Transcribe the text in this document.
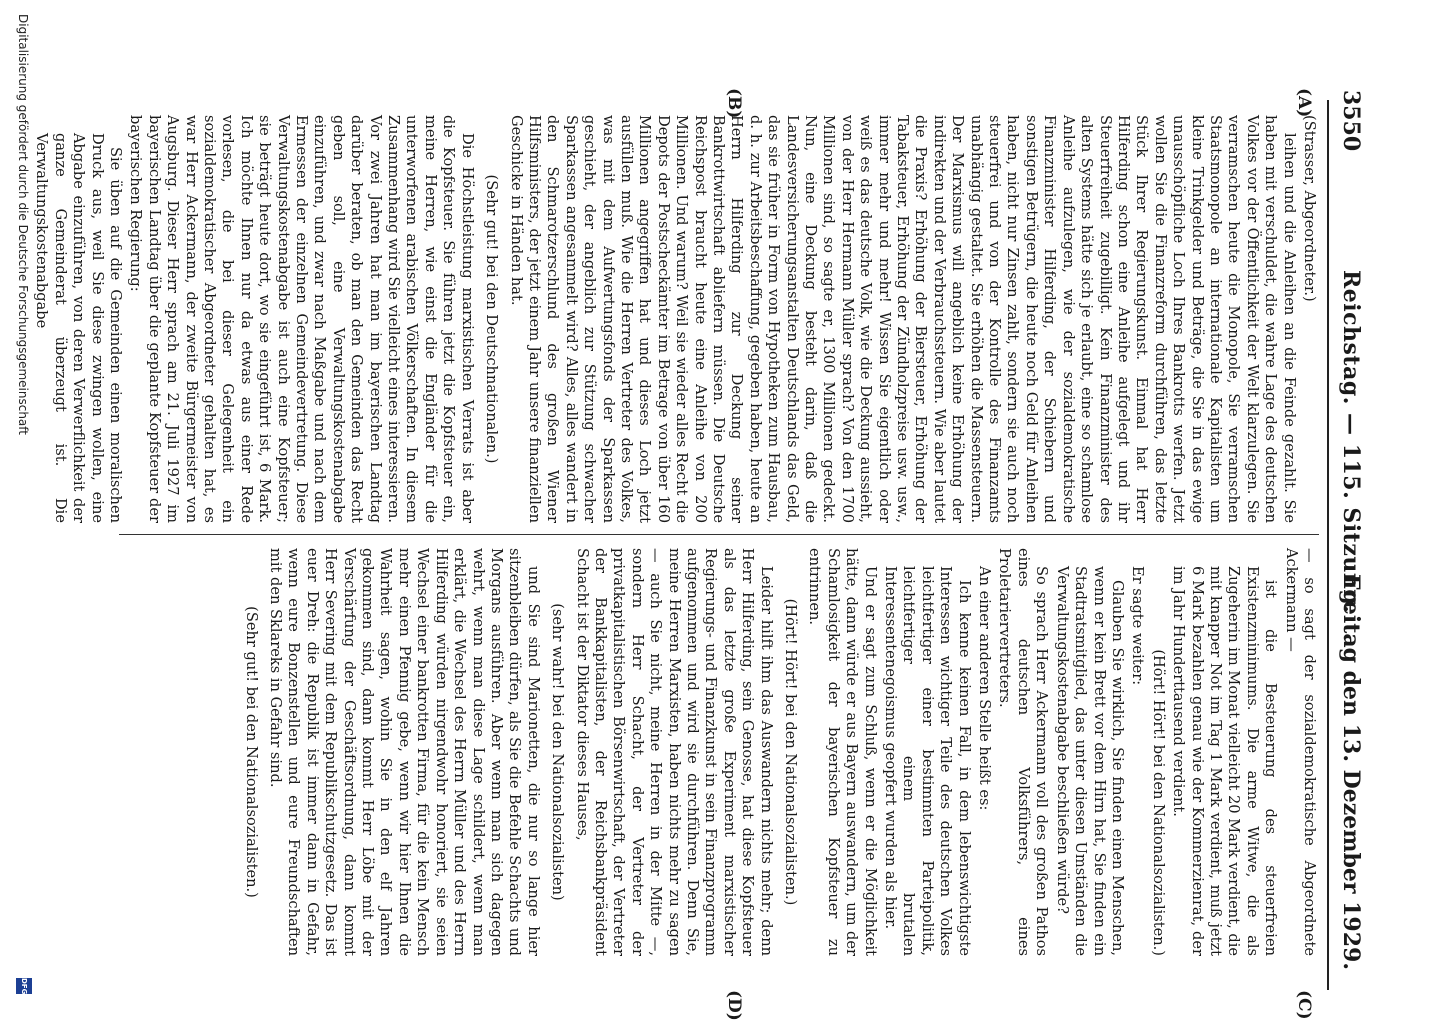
3550
Reichstag. — 115. Sitzung.
Freitag den 13. Dezember 1929.
(A)
(B)
(C)
(D)

(Strasser, Abgeordneter.)

leihen und die Anleihen an die Feinde gezahlt. Sie haben mit verschuldet, die wahre Lage des deutschen Volkes vor der Öffentlichkeit der Welt klarzulegen. Sie verramschen heute die Monopole, Sie verramschen Staatsmonopole an internationale Kapitalisten um kleine Trinkgelder und Beträge, die Sie in das ewige unausschöpfliche Loch Ihres Bankrotts werfen. Jetzt wollen Sie die Finanzreform durchführen, das letzte Stück Ihrer Regierungskunst. Einmal hat Herr Hilferding schon eine Anleihe aufgelegt und ihr Steuerfreiheit zugebilligt. Kein Finanzminister des alten Systems hätte sich je erlaubt, eine so schamlose Anleihe aufzulegen, wie der sozialdemokratische Finanzminister Hilferding, der Schiebern und sonstigen Betrügern, die heute noch Geld für Anleihen haben, nicht nur Zinsen zahlt, sondern sie auch noch steuerfrei und von der Kontrolle des Finanzamts unabhängig gestaltet. Sie erhöhen die Massensteuern. Der Marxismus will angeblich keine Erhöhung der indirekten und der Verbrauchssteuern. Wie aber lautet die Praxis? Erhöhung der Biersteuer, Erhöhung der Tabaksteuer, Erhöhung der Zündholzpreise usw. usw., immer mehr und mehr! Wissen Sie eigentlich oder weiß es das deutsche Volk, wie die Deckung aussieht, von der Herr Hermann Müller sprach? Von den 1700 Millionen sind, so sagte er, 1300 Millionen gedeckt. Nun, eine Deckung besteht darin, daß die Landesversicherungsanstalten Deutschlands das Geld, das sie früher in Form von Hypotheken zum Hausbau, d. h. zur Arbeitsbeschaffung, gegeben haben, heute an Herrn Hilferding zur Deckung seiner Bankrottwirtschaft abliefern müssen. Die Deutsche Reichspost braucht heute eine Anleihe von 200 Millionen. Und warum? Weil sie wieder alles Recht die Depots der Postscheckämter im Betrage von über 160 Millionen angegriffen hat und dieses Loch jetzt ausfüllen muß. Wie die Herren Vertreter des Volkes, was mit dem Aufwertungsfonds der Sparkassen geschieht, der angeblich zur Stützung schwacher Sparkassen angesammelt wird? Alles, alles wandert in den Schmarotzerschlund des großen Wiener Hilfsministers, der jetzt einem Jahr unsere finanziellen Geschicke in Händen hat.

(Sehr gut! bei den Deutschnationalen.)

Die Höchstleistung marxistischen Verrats ist aber die Kopfsteuer. Sie führen jetzt die Kopfsteuer ein, meine Herren, wie einst die Engländer für die unterworfenen arabischen Völkerschaften. In diesem Zusammenhang wird Sie vielleicht eines interessieren. Vor zwei Jahren hat man im bayerischen Landtag darüber beraten, ob man den Gemeinden das Recht geben soll, eine Verwaltungskostenabgabe einzuführen, und zwar nach Maßgabe und nach dem Ermessen der einzelnen Gemeindevertretung. Diese Verwaltungskostenabgabe ist auch eine Kopfsteuer; sie beträgt heute dort, wo sie eingeführt ist, 6 Mark. Ich möchte Ihnen nur da etwas aus einer Rede vorlesen, die bei dieser Gelegenheit ein sozialdemokratischer Abgeordneter gehalten hat, es war Herr Ackermann, der zweite Bürgermeister von Augsburg. Dieser Herr sprach am 21. Juli 1927 im bayerischen Landtag über die geplante Kopfsteuer der bayerischen Regierung:

Sie üben auf die Gemeinden einen moralischen Druck aus, weil Sie diese zwingen wollen, eine Abgabe einzuführen, von deren Verwerflichkeit der ganze Gemeinderat überzeugt ist. Die Verwaltungskostenabgabe

— so sagt der sozialdemokratische Abgeordnete Ackermann —

ist die Besteuerung des steuerfreien Existenzminimums. Die arme Witwe, die als Zugeherin im Monat vielleicht 20 Mark verdient, die mit knapper Not im Tag 1 Mark verdient, muß jetzt 6 Mark bezahlen genau wie der Kommerzienrat, der im Jahr Hunderttausend verdient.

(Hört! Hört! bei den Nationalsozialisten.)

Er sagte weiter:

Glauben Sie wirklich, Sie finden einen Menschen, wenn er kein Brett vor dem Hirn hat, Sie finden ein Stadtratsmitglied, das unter diesen Umständen die Verwaltungskostenabgabe beschließen würde?

So sprach Herr Ackermann voll des großen Pathos eines deutschen Volksführers, eines Proletariervertreters.

An einer anderen Stelle heißt es:

Ich kenne keinen Fall, in dem lebenswichtigste Interessen wichtiger Teile des deutschen Volkes leichtfertiger einer bestimmten Parteipolitik, leichtfertiger einem brutalen Interessentenegoismus geopfert wurden als hier.

Und er sagt zum Schluß, wenn er die Möglichkeit hätte, dann würde er aus Bayern auswandern, um der Schamlosigkeit der bayerischen Kopfsteuer zu entrinnen.

(Hört! Hört! bei den Nationalsozialisten.)

Leider hilft ihm das Auswandern nichts mehr; denn Herr Hilferding, sein Genosse, hat diese Kopfsteuer als das letzte große Experiment marxistischer Regierungs- und Finanzkunst in sein Finanzprogramm aufgenommen und wird sie durchführen. Denn Sie, meine Herren Marxisten, haben nichts mehr zu sagen — auch Sie nicht, meine Herren in der Mitte —, sondern Herr Schacht, der Vertreter der privatkapitalistischen Börsenwirtschaft, der Vertreter der Bankkapitalisten, der Reichsbankpräsident Schacht ist der Diktator dieses Hauses,

(sehr wahr! bei den Nationalsozialisten)

und Sie sind Marionetten, die nur so lange hier sitzenbleiben dürfen, als Sie die Befehle Schachts und Morgans ausführen. Aber wenn man sich dagegen wehrt, wenn man diese Lage schildert, wenn man erklärt, die Wechsel des Herrn Müller und des Herrn Hilferding würden nirgendwohr honoriert, sie seien Wechsel einer bankrotten Firma, für die kein Mensch mehr einen Pfennig gebe, wenn wir hier Ihnen die Wahrheit sagen, wohin Sie in den elf Jahren gekommen sind, dann kommt Herr Löbe mit der Verschärfung der Geschäftsordnung, dann kommt Herr Severing mit dem Republikschutzgesetz. Das ist euer Dreh: die Republik ist immer dann in Gefahr, wenn eure Bonzenstellen und eure Freundschaften mit den Sklareks in Gefahr sind.

(Sehr gut! bei den Nationalsozialisten.)

Digitalisierung gefördert durch die Deutsche Forschungsgemeinschaft
DFG
